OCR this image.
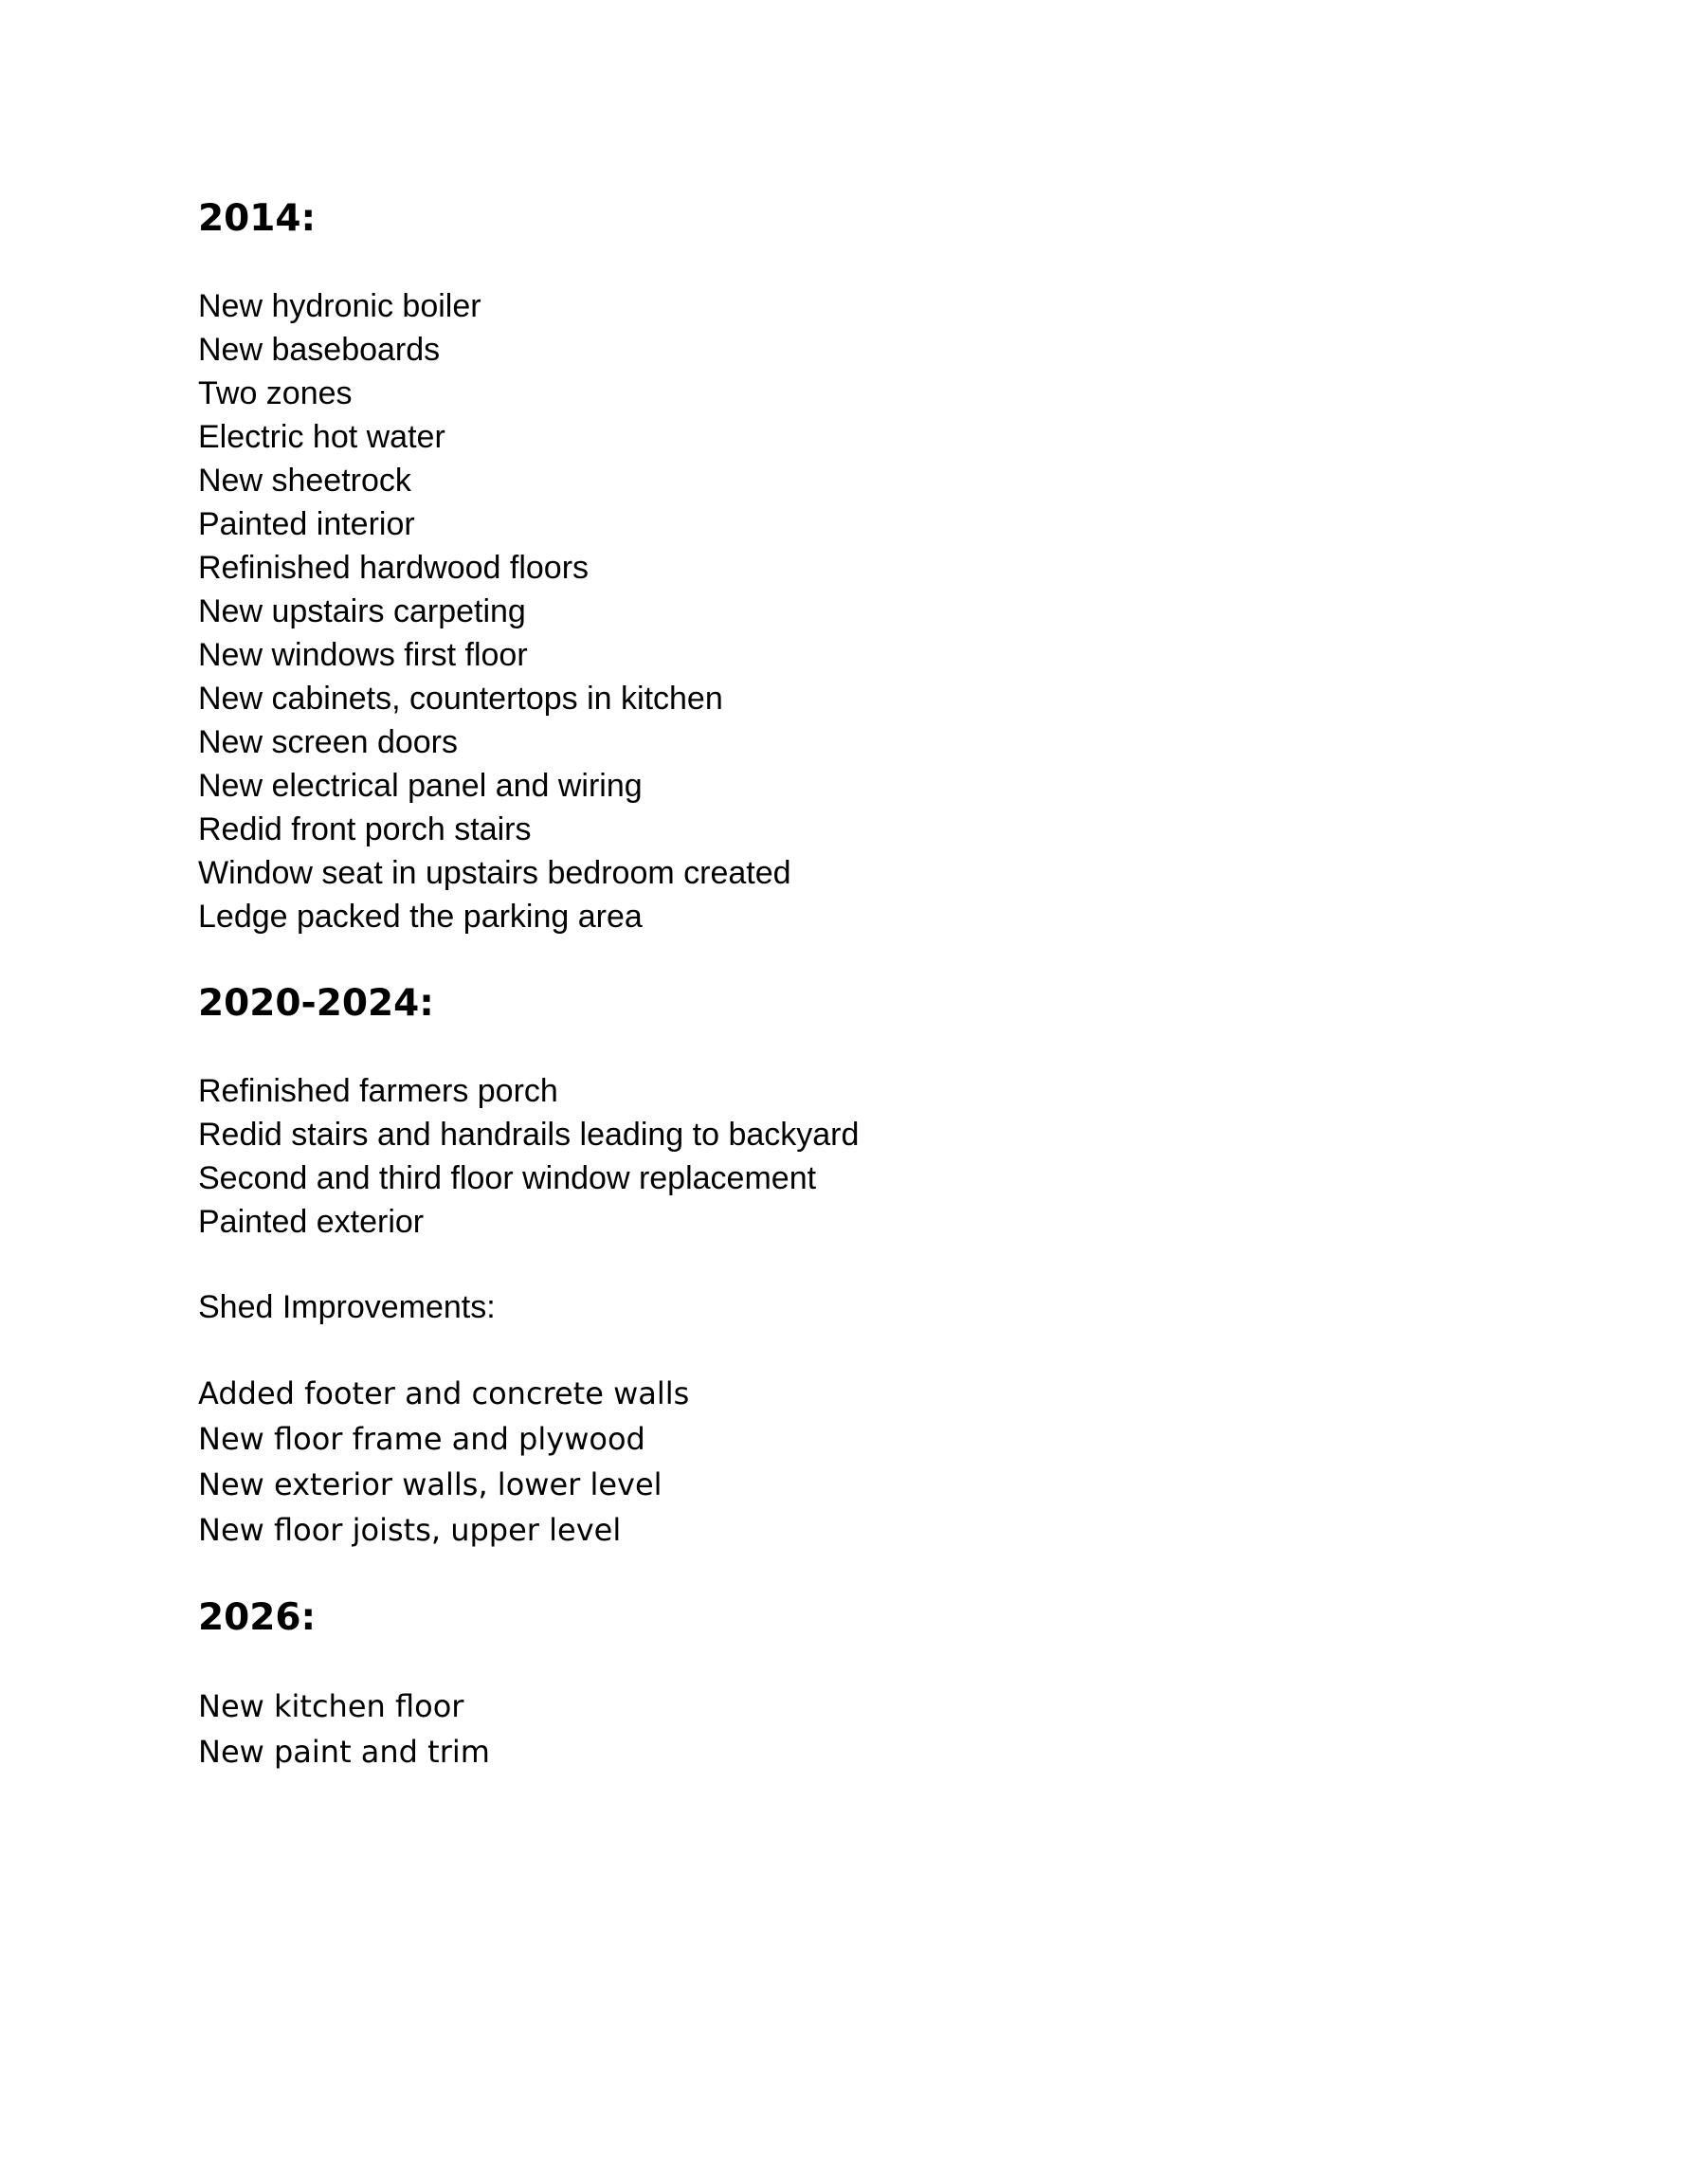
2014:
New hydronic boiler
New baseboards
Two zones
Electric hot water
New sheetrock
Painted interior
Refinished hardwood floors
New upstairs carpeting
New windows first floor
New cabinets, countertops in kitchen
New screen doors
New electrical panel and wiring
Redid front porch stairs
Window seat in upstairs bedroom created
Ledge packed the parking area
2020-2024:
Refinished farmers porch
Redid stairs and handrails leading to backyard
Second and third floor window replacement
Painted exterior

Shed Improvements:

Added footer and concrete walls
New floor frame and plywood
New exterior walls, lower level
New floor joists, upper level
2026:
New kitchen floor
New paint and trim
